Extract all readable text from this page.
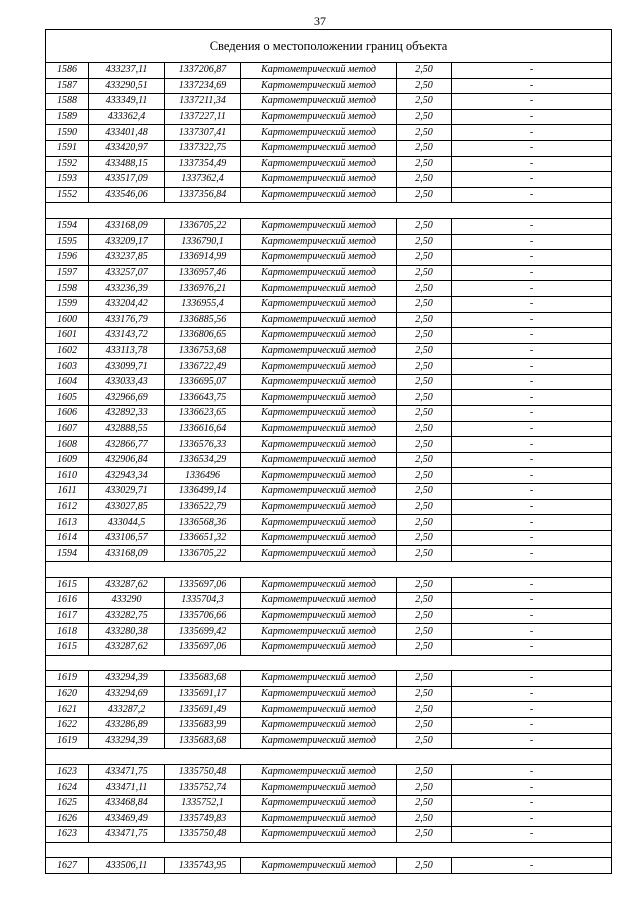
37
Сведения о местоположении границ объекта					
1586	433237,11	1337206,87	Картометрический метод	2,50	-
1587	433290,51	1337234,69	Картометрический метод	2,50	-
1588	433349,11	1337211,34	Картометрический метод	2,50	-
1589	433362,4	1337227,11	Картометрический метод	2,50	-
1590	433401,48	1337307,41	Картометрический метод	2,50	-
1591	433420,97	1337322,75	Картометрический метод	2,50	-
1592	433488,15	1337354,49	Картометрический метод	2,50	-
1593	433517,09	1337362,4	Картометрический метод	2,50	-
1552	433546,06	1337356,84	Картометрический метод	2,50	-

1594	433168,09	1336705,22	Картометрический метод	2,50	-
1595	433209,17	1336790,1	Картометрический метод	2,50	-
1596	433237,85	1336914,99	Картометрический метод	2,50	-
1597	433257,07	1336957,46	Картометрический метод	2,50	-
1598	433236,39	1336976,21	Картометрический метод	2,50	-
1599	433204,42	1336955,4	Картометрический метод	2,50	-
1600	433176,79	1336885,56	Картометрический метод	2,50	-
1601	433143,72	1336806,65	Картометрический метод	2,50	-
1602	433113,78	1336753,68	Картометрический метод	2,50	-
1603	433099,71	1336722,49	Картометрический метод	2,50	-
1604	433033,43	1336695,07	Картометрический метод	2,50	-
1605	432966,69	1336643,75	Картометрический метод	2,50	-
1606	432892,33	1336623,65	Картометрический метод	2,50	-
1607	432888,55	1336616,64	Картометрический метод	2,50	-
1608	432866,77	1336576,33	Картометрический метод	2,50	-
1609	432906,84	1336534,29	Картометрический метод	2,50	-
1610	432943,34	1336496	Картометрический метод	2,50	-
1611	433029,71	1336499,14	Картометрический метод	2,50	-
1612	433027,85	1336522,79	Картометрический метод	2,50	-
1613	433044,5	1336568,36	Картометрический метод	2,50	-
1614	433106,57	1336651,32	Картометрический метод	2,50	-
1594	433168,09	1336705,22	Картометрический метод	2,50	-

1615	433287,62	1335697,06	Картометрический метод	2,50	-
1616	433290	1335704,3	Картометрический метод	2,50	-
1617	433282,75	1335706,66	Картометрический метод	2,50	-
1618	433280,38	1335699,42	Картометрический метод	2,50	-
1615	433287,62	1335697,06	Картометрический метод	2,50	-

1619	433294,39	1335683,68	Картометрический метод	2,50	-
1620	433294,69	1335691,17	Картометрический метод	2,50	-
1621	433287,2	1335691,49	Картометрический метод	2,50	-
1622	433286,89	1335683,99	Картометрический метод	2,50	-
1619	433294,39	1335683,68	Картометрический метод	2,50	-

1623	433471,75	1335750,48	Картометрический метод	2,50	-
1624	433471,11	1335752,74	Картометрический метод	2,50	-
1625	433468,84	1335752,1	Картометрический метод	2,50	-
1626	433469,49	1335749,83	Картометрический метод	2,50	-
1623	433471,75	1335750,48	Картометрический метод	2,50	-

1627	433506,11	1335743,95	Картометрический метод	2,50	-
